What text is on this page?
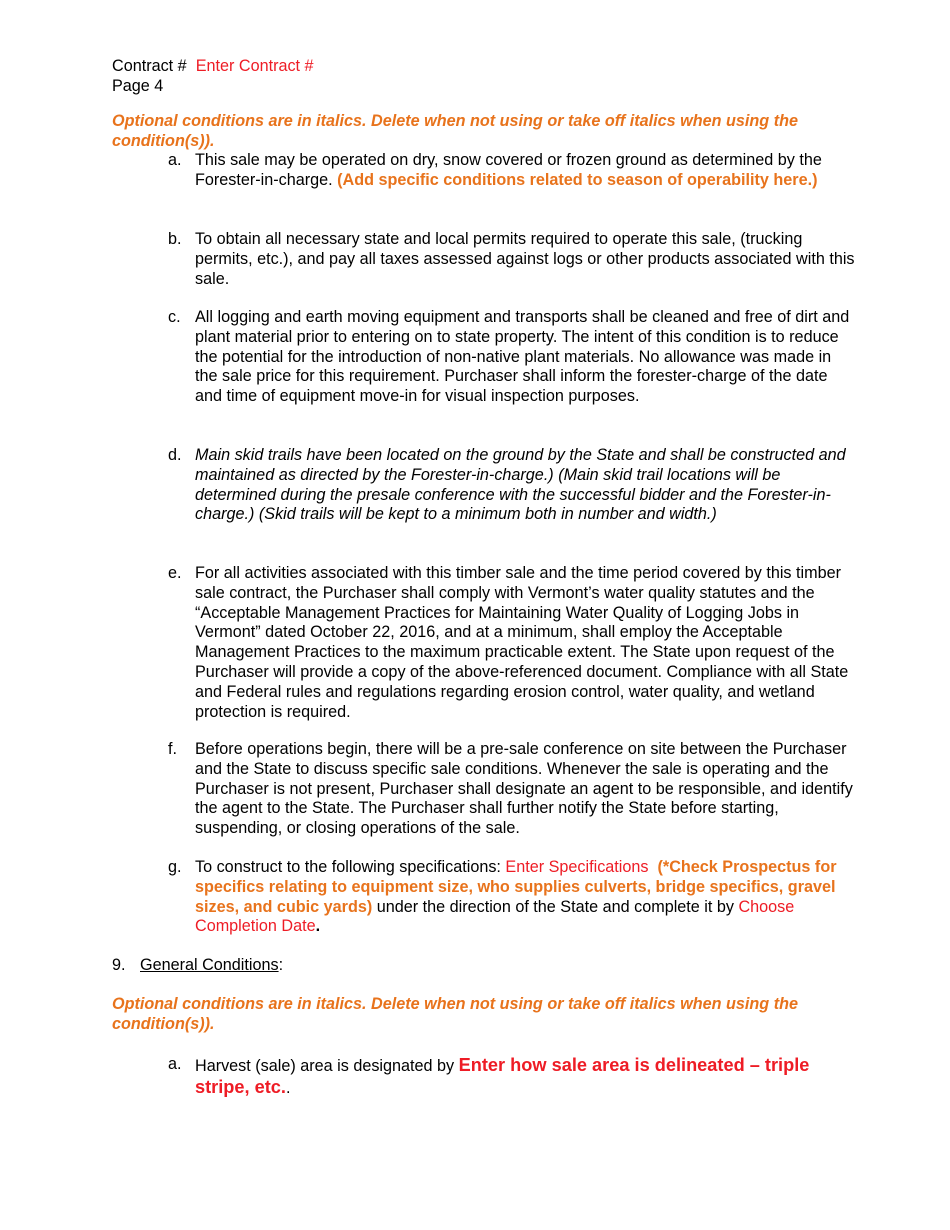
Contract # Enter Contract #
Page 4
Optional conditions are in italics. Delete when not using or take off italics when using the condition(s)).
a. This sale may be operated on dry, snow covered or frozen ground as determined by the Forester-in-charge. (Add specific conditions related to season of operability here.)
b. To obtain all necessary state and local permits required to operate this sale, (trucking permits, etc.), and pay all taxes assessed against logs or other products associated with this sale.
c. All logging and earth moving equipment and transports shall be cleaned and free of dirt and plant material prior to entering on to state property. The intent of this condition is to reduce the potential for the introduction of non-native plant materials. No allowance was made in the sale price for this requirement. Purchaser shall inform the forester-charge of the date and time of equipment move-in for visual inspection purposes.
d. Main skid trails have been located on the ground by the State and shall be constructed and maintained as directed by the Forester-in-charge.) (Main skid trail locations will be determined during the presale conference with the successful bidder and the Forester-in-charge.) (Skid trails will be kept to a minimum both in number and width.)
e. For all activities associated with this timber sale and the time period covered by this timber sale contract, the Purchaser shall comply with Vermont’s water quality statutes and the “Acceptable Management Practices for Maintaining Water Quality of Logging Jobs in Vermont” dated October 22, 2016, and at a minimum, shall employ the Acceptable Management Practices to the maximum practicable extent. The State upon request of the Purchaser will provide a copy of the above-referenced document. Compliance with all State and Federal rules and regulations regarding erosion control, water quality, and wetland protection is required.
f.	Before operations begin, there will be a pre-sale conference on site between the Purchaser and the State to discuss specific sale conditions. Whenever the sale is operating and the Purchaser is not present, Purchaser shall designate an agent to be responsible, and identify the agent to the State. The Purchaser shall further notify the State before starting, suspending, or closing operations of the sale.
g. To construct to the following specifications: Enter Specifications (*Check Prospectus for specifics relating to equipment size, who supplies culverts, bridge specifics, gravel sizes, and cubic yards) under the direction of the State and complete it by Choose Completion Date.
9. General Conditions:
Optional conditions are in italics. Delete when not using or take off italics when using the condition(s)).
a. Harvest (sale) area is designated by Enter how sale area is delineated – triple stripe, etc..
